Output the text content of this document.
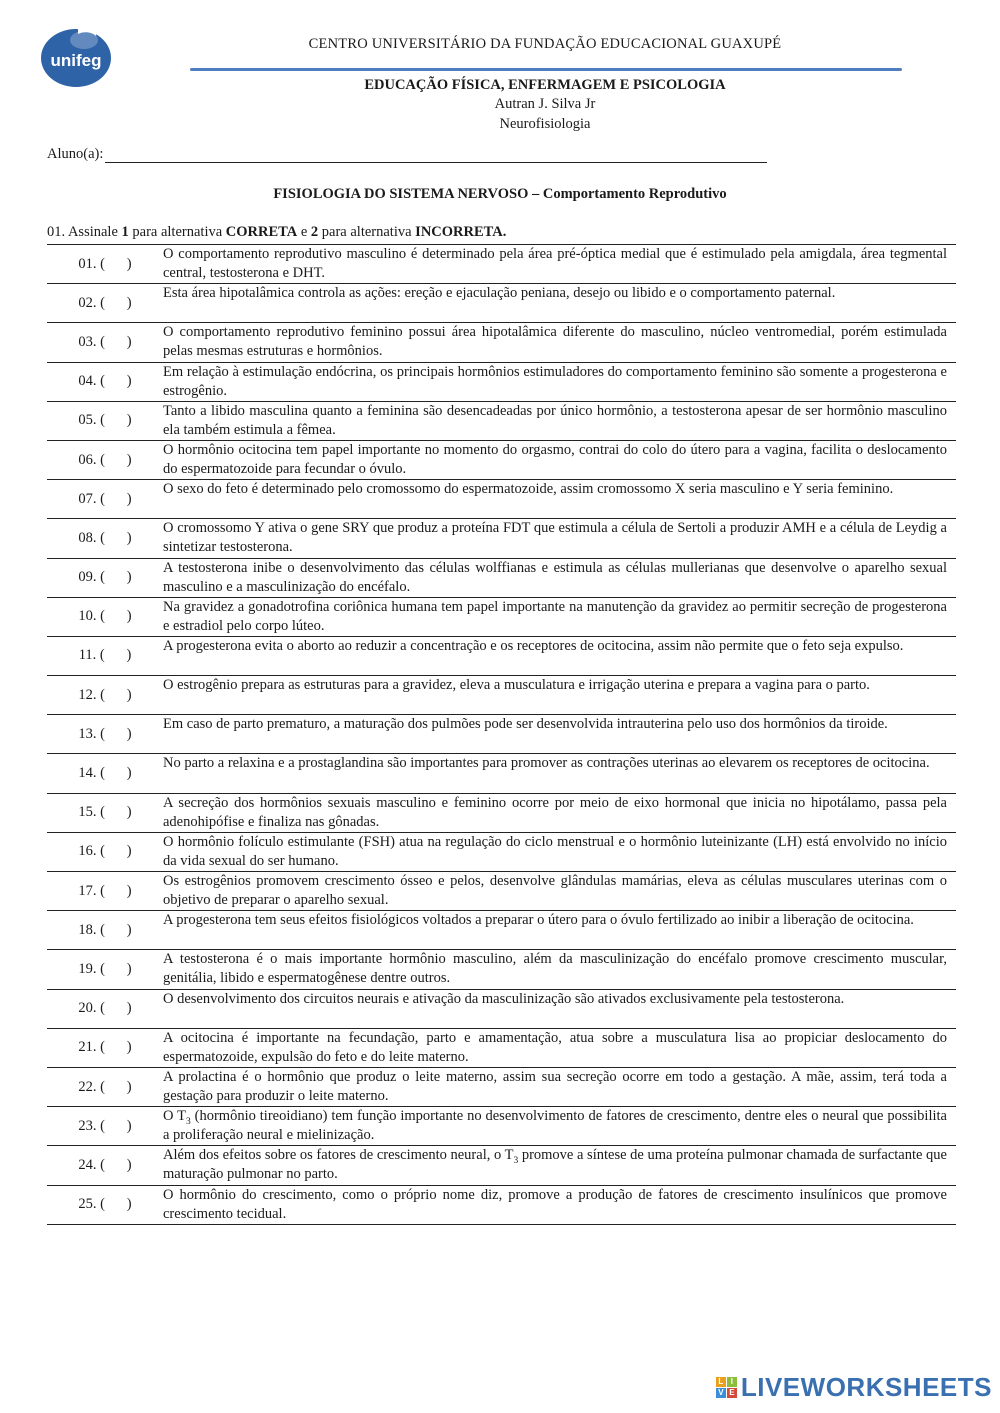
unifeg
CENTRO UNIVERSITÁRIO DA FUNDAÇÃO EDUCACIONAL GUAXUPÉ
EDUCAÇÃO FÍSICA, ENFERMAGEM E PSICOLOGIA
Autran J. Silva Jr
Neurofisiologia
Aluno(a):
FISIOLOGIA DO SISTEMA NERVOSO – Comportamento Reprodutivo
01. Assinale 1 para alternativa CORRETA e 2 para alternativa INCORRETA.
01. (      )
O comportamento reprodutivo masculino é determinado pela área pré-óptica medial que é estimulado pela amigdala, área tegmental central, testosterona e DHT.
02. (      )
Esta área hipotalâmica controla as ações: ereção e ejaculação peniana, desejo ou libido e o comportamento paternal.
03. (      )
O comportamento reprodutivo feminino possui área hipotalâmica diferente do masculino, núcleo ventromedial, porém estimulada pelas mesmas estruturas e hormônios.
04. (      )
Em relação à estimulação endócrina, os principais hormônios estimuladores do comportamento feminino são somente a progesterona e estrogênio.
05. (      )
Tanto a libido masculina quanto a feminina são desencadeadas por único hormônio, a testosterona apesar de ser hormônio masculino ela também estimula a fêmea.
06. (      )
O hormônio ocitocina tem papel importante no momento do orgasmo, contrai do colo do útero para a vagina, facilita o deslocamento do espermatozoide para fecundar o óvulo.
07. (      )
O sexo do feto é determinado pelo cromossomo do espermatozoide, assim cromossomo X seria masculino e Y seria feminino.
08. (      )
O cromossomo Y ativa o gene SRY que produz a proteína FDT que estimula a célula de Sertoli a produzir AMH e a célula de Leydig a sintetizar testosterona.
09. (      )
A testosterona inibe o desenvolvimento das células wolffianas e estimula as células mullerianas que desenvolve o aparelho sexual masculino e a masculinização do encéfalo.
10. (      )
Na gravidez a gonadotrofina coriônica humana tem papel importante na manutenção da gravidez ao permitir secreção de progesterona e estradiol pelo corpo lúteo.
11. (      )
A progesterona evita o aborto ao reduzir a concentração e os receptores de ocitocina, assim não permite que o feto seja expulso.
12. (      )
O estrogênio prepara as estruturas para a gravidez, eleva a musculatura e irrigação uterina e prepara a vagina para o parto.
13. (      )
Em caso de parto prematuro, a maturação dos pulmões pode ser desenvolvida intrauterina pelo uso dos hormônios da tiroide.
14. (      )
No parto a relaxina e a prostaglandina são importantes para promover as contrações uterinas ao elevarem os receptores de ocitocina.
15. (      )
A secreção dos hormônios sexuais masculino e feminino ocorre por meio de eixo hormonal que inicia no hipotálamo, passa pela adenohipófise e finaliza nas gônadas.
16. (      )
O hormônio folículo estimulante (FSH) atua na regulação do ciclo menstrual e o hormônio luteinizante (LH) está envolvido no início da vida sexual do ser humano.
17. (      )
Os estrogênios promovem crescimento ósseo e pelos, desenvolve glândulas mamárias, eleva as células musculares uterinas com o objetivo de preparar o aparelho sexual.
18. (      )
A progesterona tem seus efeitos fisiológicos voltados a preparar o útero para o óvulo fertilizado ao inibir a liberação de ocitocina.
19. (      )
A testosterona é o mais importante hormônio masculino, além da masculinização do encéfalo promove crescimento muscular, genitália, libido e espermatogênese dentre outros.
20. (      )
O desenvolvimento dos circuitos neurais e ativação da masculinização são ativados exclusivamente pela testosterona.
21. (      )
A ocitocina é importante na fecundação, parto e amamentação, atua sobre a musculatura lisa ao propiciar deslocamento do espermatozoide, expulsão do feto e do leite materno.
22. (      )
A prolactina é o hormônio que produz o leite materno, assim sua secreção ocorre em todo a gestação. A mãe, assim, terá toda a gestação para produzir o leite materno.
23. (      )
O $T_3$ (hormônio tireoidiano) tem função importante no desenvolvimento de fatores de crescimento, dentre eles o neural que possibilita a proliferação neural e mielinização.
24. (      )
Além dos efeitos sobre os fatores de crescimento neural, o $T_3$ promove a síntese de uma proteína pulmonar chamada de surfactante que maturação pulmonar no parto.
25. (      )
O hormônio do crescimento, como o próprio nome diz, promove a produção de fatores de crescimento insulínicos que promove crescimento tecidual.
L I
V E LIVEWORKSHEETS
